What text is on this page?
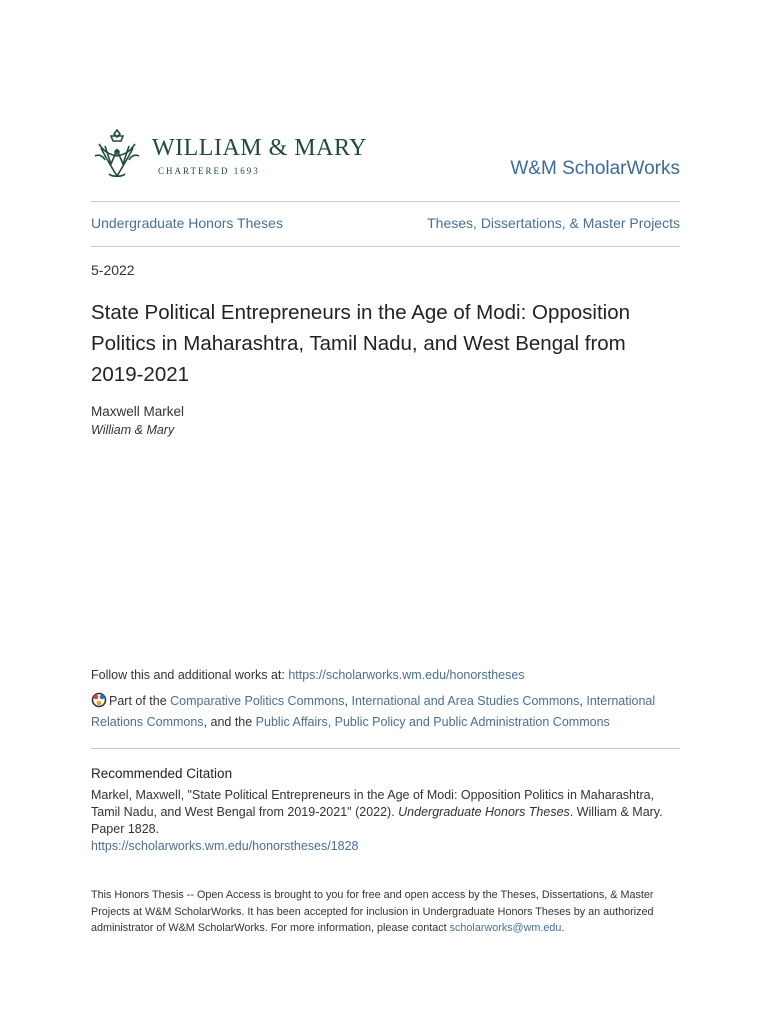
WILLIAM & MARY
CHARTERED 1693	W&M ScholarWorks
Undergraduate Honors Theses	Theses, Dissertations, & Master Projects
5-2022
State Political Entrepreneurs in the Age of Modi: Opposition Politics in Maharashtra, Tamil Nadu, and West Bengal from 2019-2021
Maxwell Markel
William & Mary
Follow this and additional works at: https://scholarworks.wm.edu/honorstheses
Part of the Comparative Politics Commons, International and Area Studies Commons, International Relations Commons, and the Public Affairs, Public Policy and Public Administration Commons
Recommended Citation
Markel, Maxwell, "State Political Entrepreneurs in the Age of Modi: Opposition Politics in Maharashtra, Tamil Nadu, and West Bengal from 2019-2021" (2022). Undergraduate Honors Theses. William & Mary. Paper 1828.
https://scholarworks.wm.edu/honorstheses/1828
This Honors Thesis -- Open Access is brought to you for free and open access by the Theses, Dissertations, & Master Projects at W&M ScholarWorks. It has been accepted for inclusion in Undergraduate Honors Theses by an authorized administrator of W&M ScholarWorks. For more information, please contact scholarworks@wm.edu.
